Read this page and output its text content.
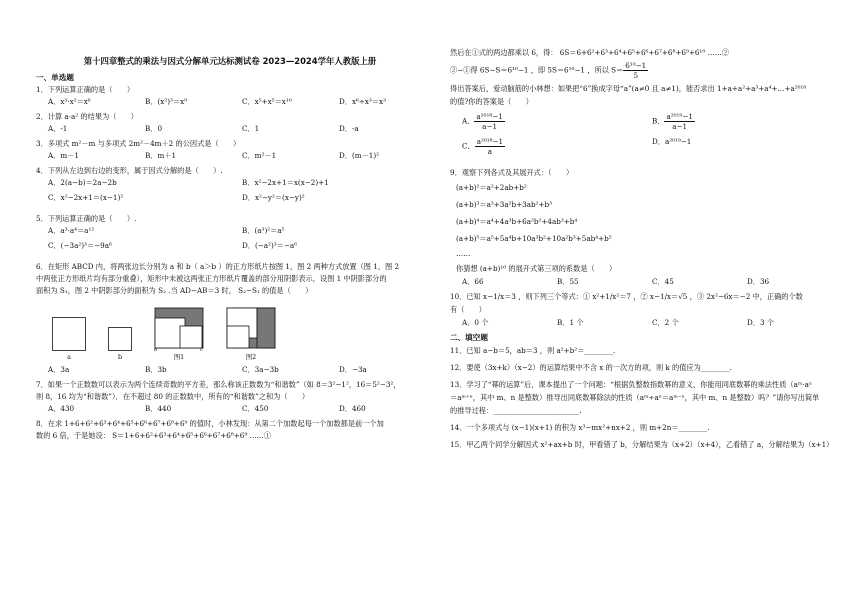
第十四章整式的乘法与因式分解单元达标测试卷 2023—2024学年人教版上册
一、单选题
1．下列运算正确的是（　　）
A．x³·x²＝x⁶	B．(x²)³＝x⁹	C．x⁵+x⁵＝x¹⁰	D．x⁶÷x³＝x³
2．计算 a·a² 的结果为（　　）
A．-1	B．0	C．1	D．-a
3．多项式 m²－m 与多项式 2m²－4m＋2 的公因式是（　　）
A．m－1	B．m＋1	C．m²－1	D．(m－1)²
4．下列从左边到右边的变形，属于因式分解的是（　　）.
A．2(a−b)＝2a−2b	B．x²−2x+1＝x(x−2)+1
C．x²−2x+1＝(x−1)²	D．x²−y²＝(x−y)²
5．下列运算正确的是（　　）.
A．a³·a⁴＝a¹²	B．(a³)²＝a⁵
C．(−3a²)³＝−9a⁶	D．(−a²)³＝−a⁶
6．在矩形 ABCD 内，将两张边长分别为 a 和 b（ a＞b ）的正方形纸片按图 1，图 2 两种方式放置（图 1，图 2
中两张正方形纸片均有部分重叠），矩形中未被这两张正方形纸片覆盖的部分用阴影表示，设图 1 中阴影部分的
面积为 S₁，图 2 中阴影部分的面积为 S₂ .当 AD−AB＝3 时， S₂−S₁ 的值是（　　）
a	b
B	C
图1	图2
A．3a	B．3b	C．3a−3b	D．−3a
7．如果一个正数数可以表示为两个连续奇数的平方差，那么称该正数数为“和谐数”（如 8＝3²−1²，16＝5²−3²，
则 8，16 均为“和谐数”）．在不超过 80 的正数数中，所有的“和谐数”之和为（　　）
A．430	B．440	C．450	D．460
8．在求 1+6+6²+6³+6⁴+6⁵+6⁶+6⁷+6⁸+6⁹ 的值时，小林发现：从第二个加数起每一个加数都是前一个加
数的 6 倍，于是她设： S＝1+6+6²+6³+6⁴+6⁵+6⁶+6⁷+6⁸+6⁹ ……①
然后在①式的两边都乘以 6，得： 6S＝6+6²+6³+6⁴+6⁵+6⁶+6⁷+6⁸+6⁹+6¹⁰ ……②
②−①得 6S−S＝6¹⁰−1 ，即 5S＝6¹⁰−1 ，所以 $S= \frac{\text{6¹⁰−1}}{5}$
得出答案后，爱动脑筋的小林想：如果把“6”换成字母“a”(a≠0 且 a≠1)，能否求出 1+a+a²+a³+a⁴+...+a²⁰¹⁸
的值?你的答案是（　　）
A． $\frac{\text{a²⁰¹⁸−1}}{a-1}$	B． $\frac{\text{a²⁰¹⁹−1}}{a-1}$
C． $\frac{\text{a²⁰¹⁸−1}}{a}$	D．a²⁰¹⁹−1
9．观察下列各式及其展开式：（　　）
(a+b)²＝a²+2ab+b²
(a+b)³＝a³+3a²b+3ab²+b³
(a+b)⁴＝a⁴+4a³b+6a²b²+4ab³+b⁴
(a+b)⁵＝a⁵+5a⁴b+10a³b²+10a²b³+5ab⁴+b⁵
……
你猜想 (a+b)¹⁰ 的展开式第三项的系数是（　　）
A．66	B．55	C．45	D．36
10．已知 x−1/x＝3 ，则下列三个等式：① x²+1/x²＝7 ，② x−1/x＝√5 ，③ 2x²−6x＝−2 中，正确的个数
有（　　）
A．0 个	B．1 个	C．2 个	D．3 个
二、填空题
11．已知 a−b＝5，ab＝3 ，则 a²+b²＝________.
12．要使（3x+k）（x−2）的运算结果中不含 x 的一次方的项，则 k 的值应为________.
13．学习了“幂的运算”后，课本提出了一个问题：“根据负整数指数幂的意义，你能用同底数幂的乘法性质（aᵐ·aⁿ
＝aᵐ⁺ⁿ，其中 m、n 是整数）推导出同底数幂除法的性质（aᵐ÷aⁿ＝aᵐ⁻ⁿ，其中 m、n 是整数）吗？”请你写出简单
的推导过程：________________________.
14．一个多项式与 (x−1)(x+1) 的积为 x³−mx²+nx+2 ，则 m+2n＝________.
15．甲乙两个同学分解因式 x²+ax+b 时，甲看错了 b，分解结果为（x+2）（x+4），乙看错了 a，分解结果为（x+1）
